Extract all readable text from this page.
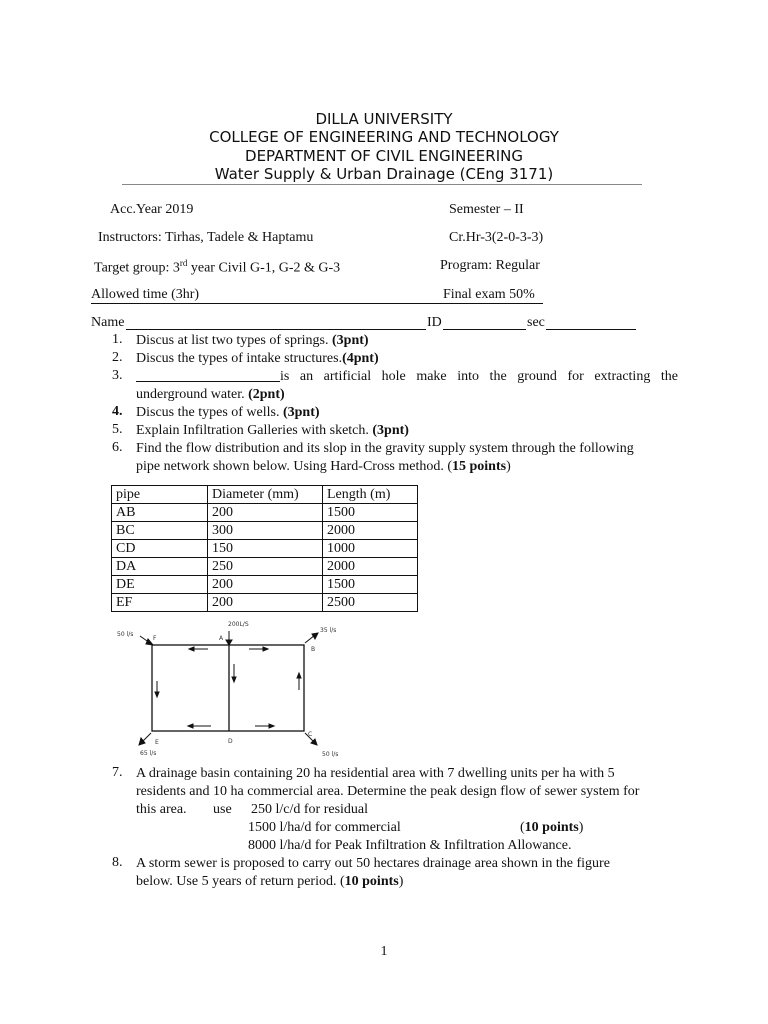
DILLA UNIVERSITY
COLLEGE OF ENGINEERING AND TECHNOLOGY
DEPARTMENT OF CIVIL ENGINEERING
Water Supply & Urban Drainage (CEng 3171)
Acc.Year 2019	Semester – II
Instructors: Tirhas, Tadele & Haptamu	Cr.Hr-3(2-0-3-3)
Target group: 3rd year Civil G-1, G-2 & G-3	Program: Regular
Allowed time (3hr)	Final exam 50%
Name	ID	sec
1. Discus at list two types of springs. (3pnt)
2. Discus the types of intake structures.(4pnt)
3.	is an artificial hole make into the ground for extracting the
underground water. (2pnt)
4. Discus the types of wells. (3pnt)
5. Explain Infiltration Galleries with sketch. (3pnt)
6. Find the flow distribution and its slop in the gravity supply system through the following
pipe network shown below. Using Hard-Cross method. (15 points)
pipe	Diameter (mm)	Length (m)
AB	200	1500
BC	300	2000
CD	150	1000
DA	250	2000
DE	200	1500
EF	200	2500
F	A
B
C
D
E
50 l/s
200L/S
35 l/s
50 l/s
65 l/s
7. A drainage basin containing 20 ha residential area with 7 dwelling units per ha with 5
residents and 10 ha commercial area. Determine the peak design flow of sewer system for
this area. use 250 l/c/d for residual
1500 l/ha/d for commercial	(10 points)
8000 l/ha/d for Peak Infiltration & Infiltration Allowance.
8. A storm sewer is proposed to carry out 50 hectares drainage area shown in the figure
below. Use 5 years of return period. (10 points)
1
